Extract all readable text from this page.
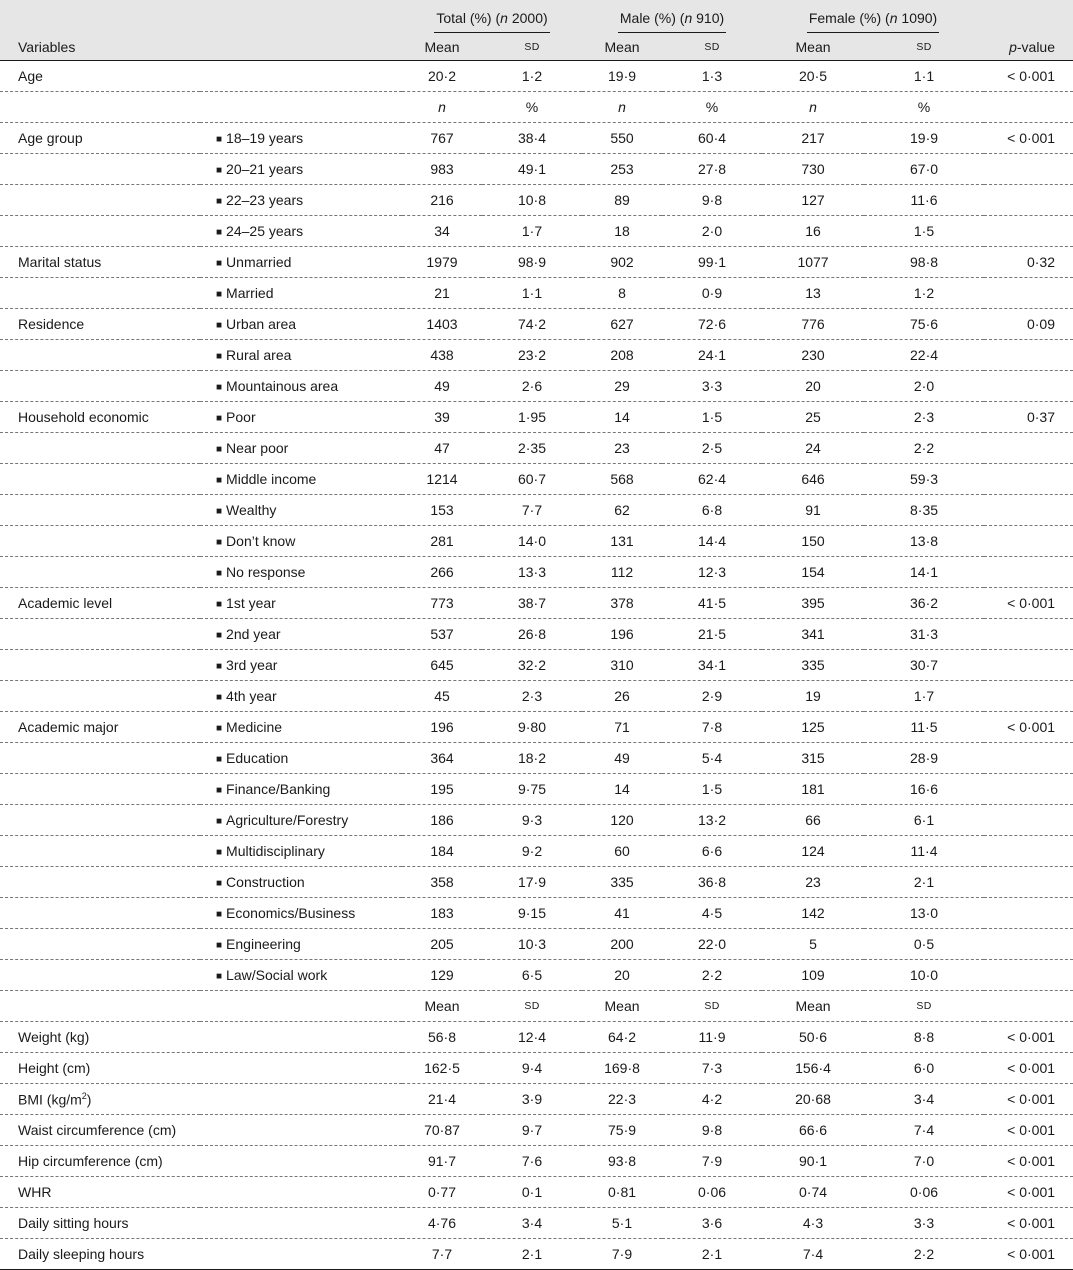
		Total (%) (n 2000)		Male (%) (n 910)		Female (%) (n 1090)		
Variables		Mean	SD	Mean	SD	Mean	SD	p-value
Age		20·2	1·2	19·9	1·3	20·5	1·1	< 0·001
		n	%	n	%	n	%	
Age group	■ 18–19 years	767	38·4	550	60·4	217	19·9	< 0·001
	■ 20–21 years	983	49·1	253	27·8	730	67·0	
	■ 22–23 years	216	10·8	89	9·8	127	11·6	
	■ 24–25 years	34	1·7	18	2·0	16	1·5	
Marital status	■ Unmarried	1979	98·9	902	99·1	1077	98·8	0·32
	■ Married	21	1·1	8	0·9	13	1·2	
Residence	■ Urban area	1403	74·2	627	72·6	776	75·6	0·09
	■ Rural area	438	23·2	208	24·1	230	22·4	
	■ Mountainous area	49	2·6	29	3·3	20	2·0	
Household economic	■ Poor	39	1·95	14	1·5	25	2·3	0·37
	■ Near poor	47	2·35	23	2·5	24	2·2	
	■ Middle income	1214	60·7	568	62·4	646	59·3	
	■ Wealthy	153	7·7	62	6·8	91	8·35	
	■ Don’t know	281	14·0	131	14·4	150	13·8	
	■ No response	266	13·3	112	12·3	154	14·1	
Academic level	■ 1st year	773	38·7	378	41·5	395	36·2	< 0·001
	■ 2nd year	537	26·8	196	21·5	341	31·3	
	■ 3rd year	645	32·2	310	34·1	335	30·7	
	■ 4th year	45	2·3	26	2·9	19	1·7	
Academic major	■ Medicine	196	9·80	71	7·8	125	11·5	< 0·001
	■ Education	364	18·2	49	5·4	315	28·9	
	■ Finance/Banking	195	9·75	14	1·5	181	16·6	
	■ Agriculture/Forestry	186	9·3	120	13·2	66	6·1	
	■ Multidisciplinary	184	9·2	60	6·6	124	11·4	
	■ Construction	358	17·9	335	36·8	23	2·1	
	■ Economics/Business	183	9·15	41	4·5	142	13·0	
	■ Engineering	205	10·3	200	22·0	5	0·5	
	■ Law/Social work	129	6·5	20	2·2	109	10·0	
		Mean	SD	Mean	SD	Mean	SD	
Weight (kg)		56·8	12·4	64·2	11·9	50·6	8·8	< 0·001
Height (cm)		162·5	9·4	169·8	7·3	156·4	6·0	< 0·001
BMI $(kg/m^2)$		21·4	3·9	22·3	4·2	20·68	3·4	< 0·001
Waist circumference (cm)		70·87	9·7	75·9	9·8	66·6	7·4	< 0·001
Hip circumference (cm)		91·7	7·6	93·8	7·9	90·1	7·0	< 0·001
WHR		0·77	0·1	0·81	0·06	0·74	0·06	< 0·001
Daily sitting hours		4·76	3·4	5·1	3·6	4·3	3·3	< 0·001
Daily sleeping hours		7·7	2·1	7·9	2·1	7·4	2·2	< 0·001
